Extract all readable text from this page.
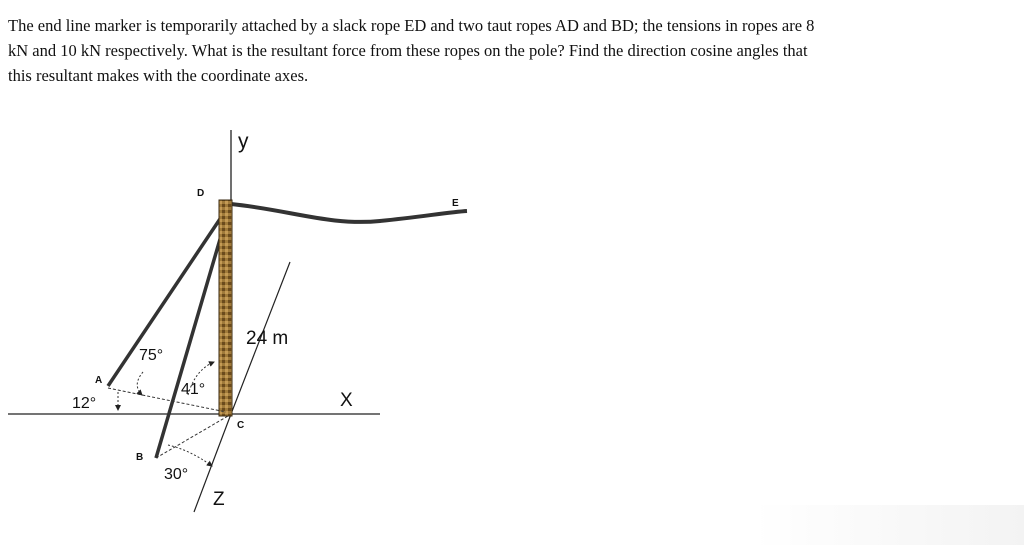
The end line marker is temporarily attached by a slack rope ED and two taut ropes AD and BD; the tensions in ropes are 8
kN and 10 kN respectively. What is the resultant force from these ropes on the pole? Find the direction cosine angles that
this resultant makes with the coordinate axes.
y
D
E
24 m
75°
A
41°
12°	X
C
B
30°
Z
